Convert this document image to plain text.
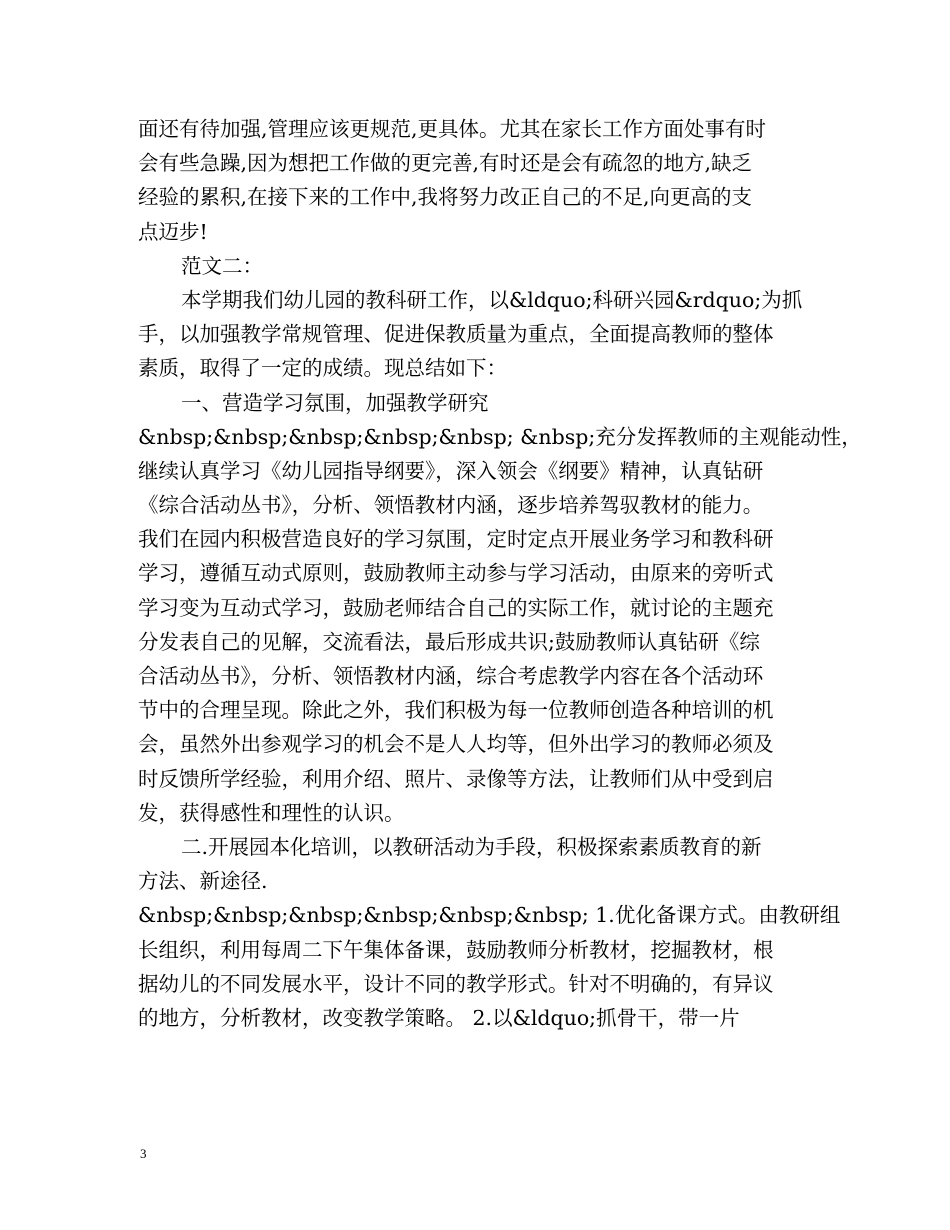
面还有待加强,管理应该更规范,更具体。尤其在家长工作方面处事有时
会有些急躁,因为想把工作做的更完善,有时还是会有疏忽的地方,缺乏
经验的累积,在接下来的工作中,我将努力改正自己的不足,向更高的支
点迈步!
范文二：
本学期我们幼儿园的教科研工作，以&ldquo;科研兴园&rdquo;为抓
手，以加强教学常规管理、促进保教质量为重点，全面提高教师的整体
素质，取得了一定的成绩。现总结如下：
一、营造学习氛围，加强教学研究
&nbsp;&nbsp;&nbsp;&nbsp;&nbsp; &nbsp;充分发挥教师的主观能动性，
继续认真学习《幼儿园指导纲要》，深入领会《纲要》精神，认真钻研
《综合活动丛书》，分析、领悟教材内涵，逐步培养驾驭教材的能力。
我们在园内积极营造良好的学习氛围，定时定点开展业务学习和教科研
学习，遵循互动式原则，鼓励教师主动参与学习活动，由原来的旁听式
学习变为互动式学习，鼓励老师结合自己的实际工作，就讨论的主题充
分发表自己的见解，交流看法，最后形成共识;鼓励教师认真钻研《综
合活动丛书》，分析、领悟教材内涵，综合考虑教学内容在各个活动环
节中的合理呈现。除此之外，我们积极为每一位教师创造各种培训的机
会，虽然外出参观学习的机会不是人人均等，但外出学习的教师必须及
时反馈所学经验，利用介绍、照片、录像等方法，让教师们从中受到启
发，获得感性和理性的认识。
二.开展园本化培训，以教研活动为手段，积极探索素质教育的新
方法、新途径.
&nbsp;&nbsp;&nbsp;&nbsp;&nbsp;&nbsp; 1.优化备课方式。由教研组
长组织，利用每周二下午集体备课，鼓励教师分析教材，挖掘教材，根
据幼儿的不同发展水平，设计不同的教学形式。针对不明确的，有异议
的地方，分析教材，改变教学策略。 2.以&ldquo;抓骨干，带一片
3
